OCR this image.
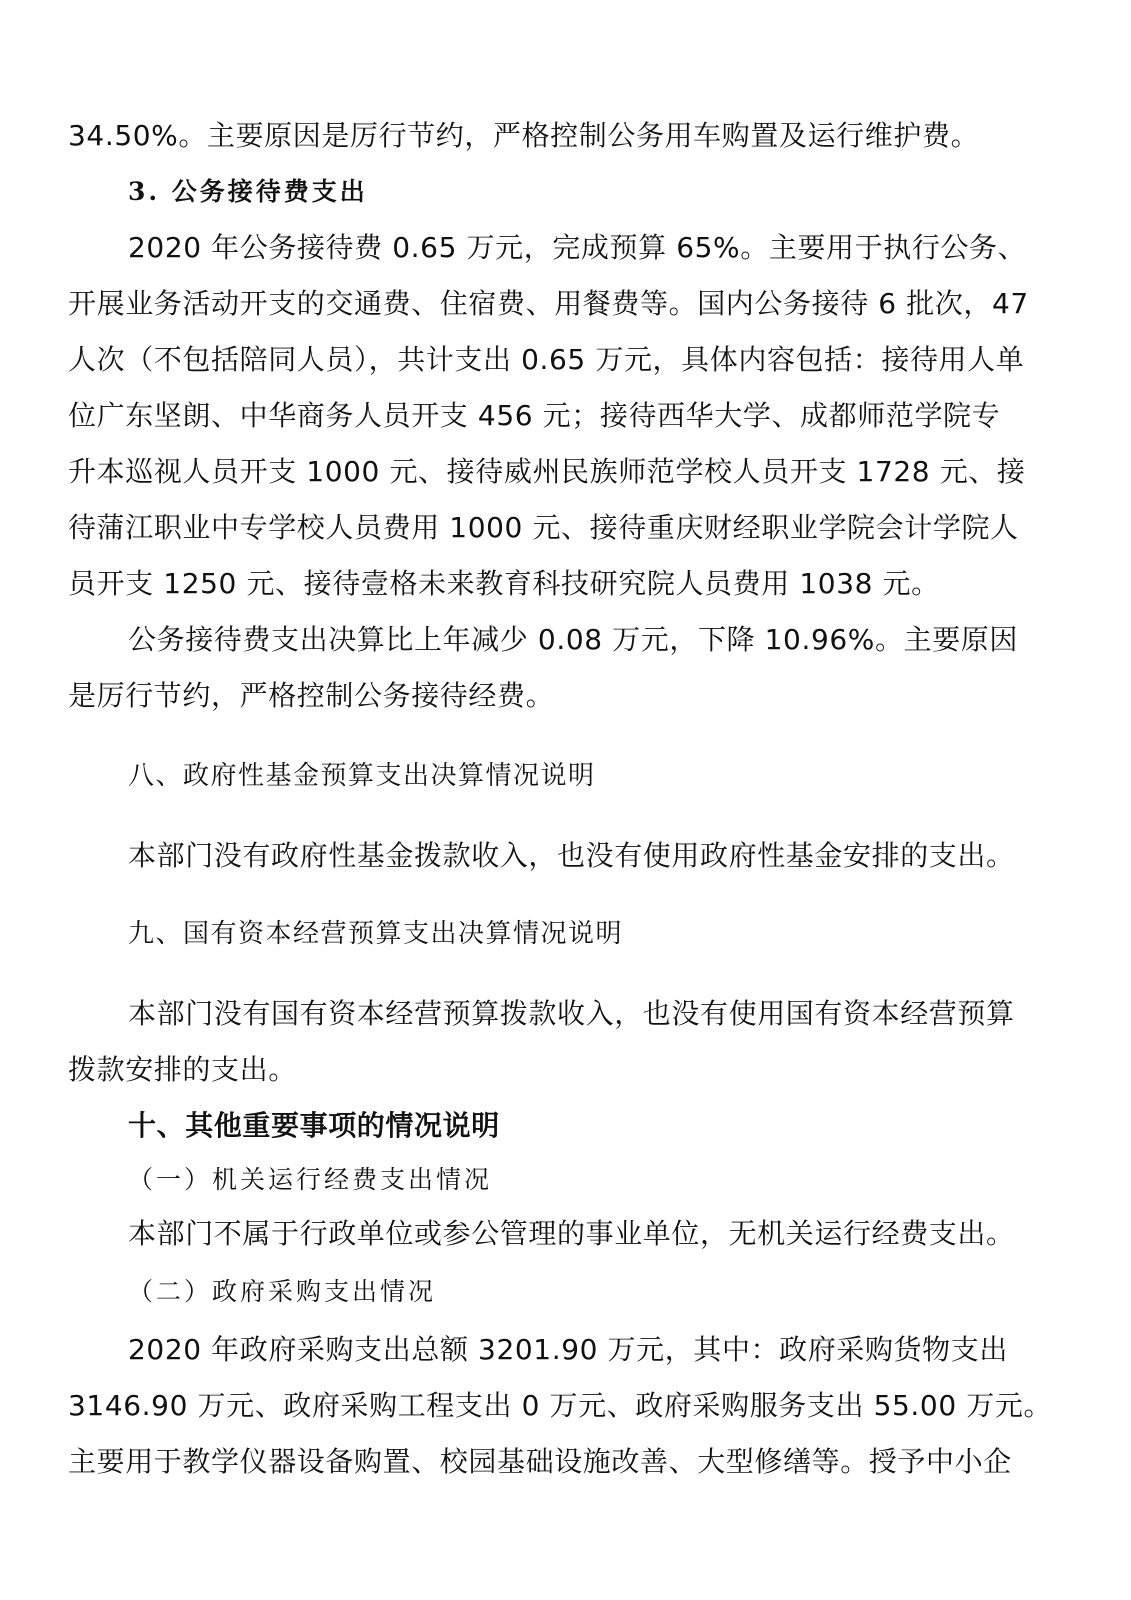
34.50%。主要原因是厉行节约，严格控制公务用车购置及运行维护费。
3. 公务接待费支出
2020 年公务接待费 0.65 万元，完成预算 65%。主要用于执行公务、
开展业务活动开支的交通费、住宿费、用餐费等。国内公务接待 6 批次，47
人次（不包括陪同人员），共计支出 0.65 万元，具体内容包括：接待用人单
位广东坚朗、中华商务人员开支 456 元；接待西华大学、成都师范学院专
升本巡视人员开支 1000 元、接待威州民族师范学校人员开支 1728 元、接
待蒲江职业中专学校人员费用 1000 元、接待重庆财经职业学院会计学院人
员开支 1250 元、接待壹格未来教育科技研究院人员费用 1038 元。
公务接待费支出决算比上年减少 0.08 万元，下降 10.96%。主要原因
是厉行节约，严格控制公务接待经费。
八、政府性基金预算支出决算情况说明
本部门没有政府性基金拨款收入，也没有使用政府性基金安排的支出。
九、国有资本经营预算支出决算情况说明
本部门没有国有资本经营预算拨款收入，也没有使用国有资本经营预算
拨款安排的支出。
十、其他重要事项的情况说明
（一）机关运行经费支出情况
本部门不属于行政单位或参公管理的事业单位，无机关运行经费支出。
（二）政府采购支出情况
2020 年政府采购支出总额 3201.90 万元，其中：政府采购货物支出
3146.90 万元、政府采购工程支出 0 万元、政府采购服务支出 55.00 万元。
主要用于教学仪器设备购置、校园基础设施改善、大型修缮等。授予中小企
